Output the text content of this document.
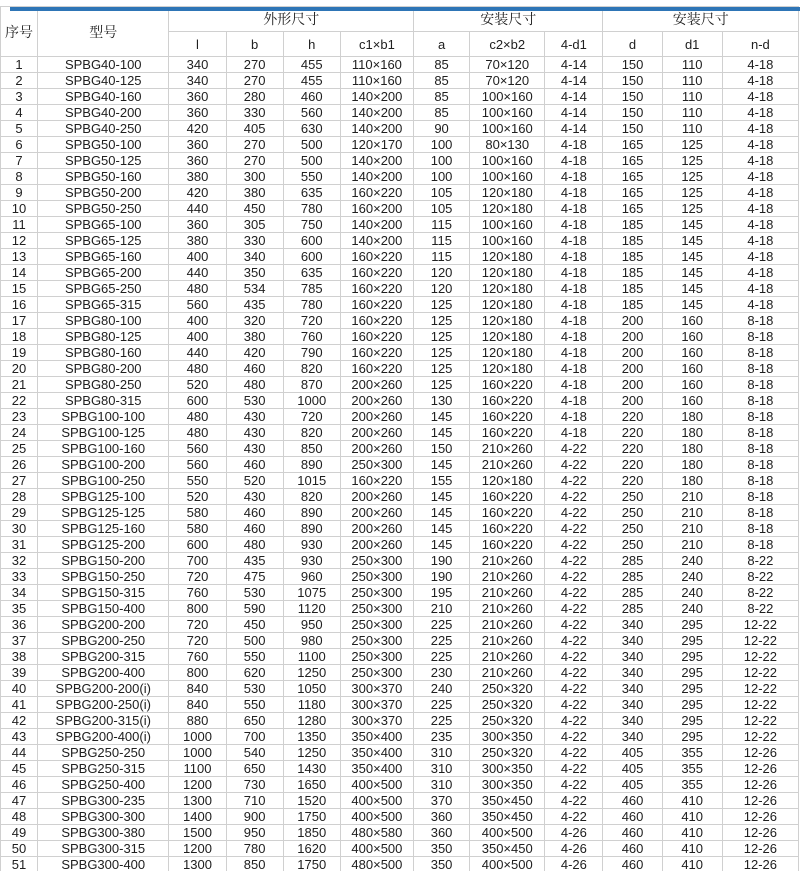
序号	型号	外形尺寸				安装尺寸			安装尺寸		
		l	b	h	c1×b1	a	c2×b2	4-d1	d	d1	n-d
1	SPBG40-100	340	270	455	110×160	85	70×120	4-14	150	110	4-18
2	SPBG40-125	340	270	455	110×160	85	70×120	4-14	150	110	4-18
3	SPBG40-160	360	280	460	140×200	85	100×160	4-14	150	110	4-18
4	SPBG40-200	360	330	560	140×200	85	100×160	4-14	150	110	4-18
5	SPBG40-250	420	405	630	140×200	90	100×160	4-14	150	110	4-18
6	SPBG50-100	360	270	500	120×170	100	80×130	4-18	165	125	4-18
7	SPBG50-125	360	270	500	140×200	100	100×160	4-18	165	125	4-18
8	SPBG50-160	380	300	550	140×200	100	100×160	4-18	165	125	4-18
9	SPBG50-200	420	380	635	160×220	105	120×180	4-18	165	125	4-18
10	SPBG50-250	440	450	780	160×200	105	120×180	4-18	165	125	4-18
11	SPBG65-100	360	305	750	140×200	115	100×160	4-18	185	145	4-18
12	SPBG65-125	380	330	600	140×200	115	100×160	4-18	185	145	4-18
13	SPBG65-160	400	340	600	160×220	115	120×180	4-18	185	145	4-18
14	SPBG65-200	440	350	635	160×220	120	120×180	4-18	185	145	4-18
15	SPBG65-250	480	534	785	160×220	120	120×180	4-18	185	145	4-18
16	SPBG65-315	560	435	780	160×220	125	120×180	4-18	185	145	4-18
17	SPBG80-100	400	320	720	160×220	125	120×180	4-18	200	160	8-18
18	SPBG80-125	400	380	760	160×220	125	120×180	4-18	200	160	8-18
19	SPBG80-160	440	420	790	160×220	125	120×180	4-18	200	160	8-18
20	SPBG80-200	480	460	820	160×220	125	120×180	4-18	200	160	8-18
21	SPBG80-250	520	480	870	200×260	125	160×220	4-18	200	160	8-18
22	SPBG80-315	600	530	1000	200×260	130	160×220	4-18	200	160	8-18
23	SPBG100-100	480	430	720	200×260	145	160×220	4-18	220	180	8-18
24	SPBG100-125	480	430	820	200×260	145	160×220	4-18	220	180	8-18
25	SPBG100-160	560	430	850	200×260	150	210×260	4-22	220	180	8-18
26	SPBG100-200	560	460	890	250×300	145	210×260	4-22	220	180	8-18
27	SPBG100-250	550	520	1015	160×220	155	120×180	4-22	220	180	8-18
28	SPBG125-100	520	430	820	200×260	145	160×220	4-22	250	210	8-18
29	SPBG125-125	580	460	890	200×260	145	160×220	4-22	250	210	8-18
30	SPBG125-160	580	460	890	200×260	145	160×220	4-22	250	210	8-18
31	SPBG125-200	600	480	930	200×260	145	160×220	4-22	250	210	8-18
32	SPBG150-200	700	435	930	250×300	190	210×260	4-22	285	240	8-22
33	SPBG150-250	720	475	960	250×300	190	210×260	4-22	285	240	8-22
34	SPBG150-315	760	530	1075	250×300	195	210×260	4-22	285	240	8-22
35	SPBG150-400	800	590	1120	250×300	210	210×260	4-22	285	240	8-22
36	SPBG200-200	720	450	950	250×300	225	210×260	4-22	340	295	12-22
37	SPBG200-250	720	500	980	250×300	225	210×260	4-22	340	295	12-22
38	SPBG200-315	760	550	1100	250×300	225	210×260	4-22	340	295	12-22
39	SPBG200-400	800	620	1250	250×300	230	210×260	4-22	340	295	12-22
40	SPBG200-200(i)	840	530	1050	300×370	240	250×320	4-22	340	295	12-22
41	SPBG200-250(i)	840	550	1180	300×370	225	250×320	4-22	340	295	12-22
42	SPBG200-315(i)	880	650	1280	300×370	225	250×320	4-22	340	295	12-22
43	SPBG200-400(i)	1000	700	1350	350×400	235	300×350	4-22	340	295	12-22
44	SPBG250-250	1000	540	1250	350×400	310	250×320	4-22	405	355	12-26
45	SPBG250-315	1100	650	1430	350×400	310	300×350	4-22	405	355	12-26
46	SPBG250-400	1200	730	1650	400×500	310	300×350	4-22	405	355	12-26
47	SPBG300-235	1300	710	1520	400×500	370	350×450	4-22	460	410	12-26
48	SPBG300-300	1400	900	1750	400×500	360	350×450	4-22	460	410	12-26
49	SPBG300-380	1500	950	1850	480×580	360	400×500	4-26	460	410	12-26
50	SPBG300-315	1200	780	1620	400×500	350	350×450	4-26	460	410	12-26
51	SPBG300-400	1300	850	1750	480×500	350	400×500	4-26	460	410	12-26
